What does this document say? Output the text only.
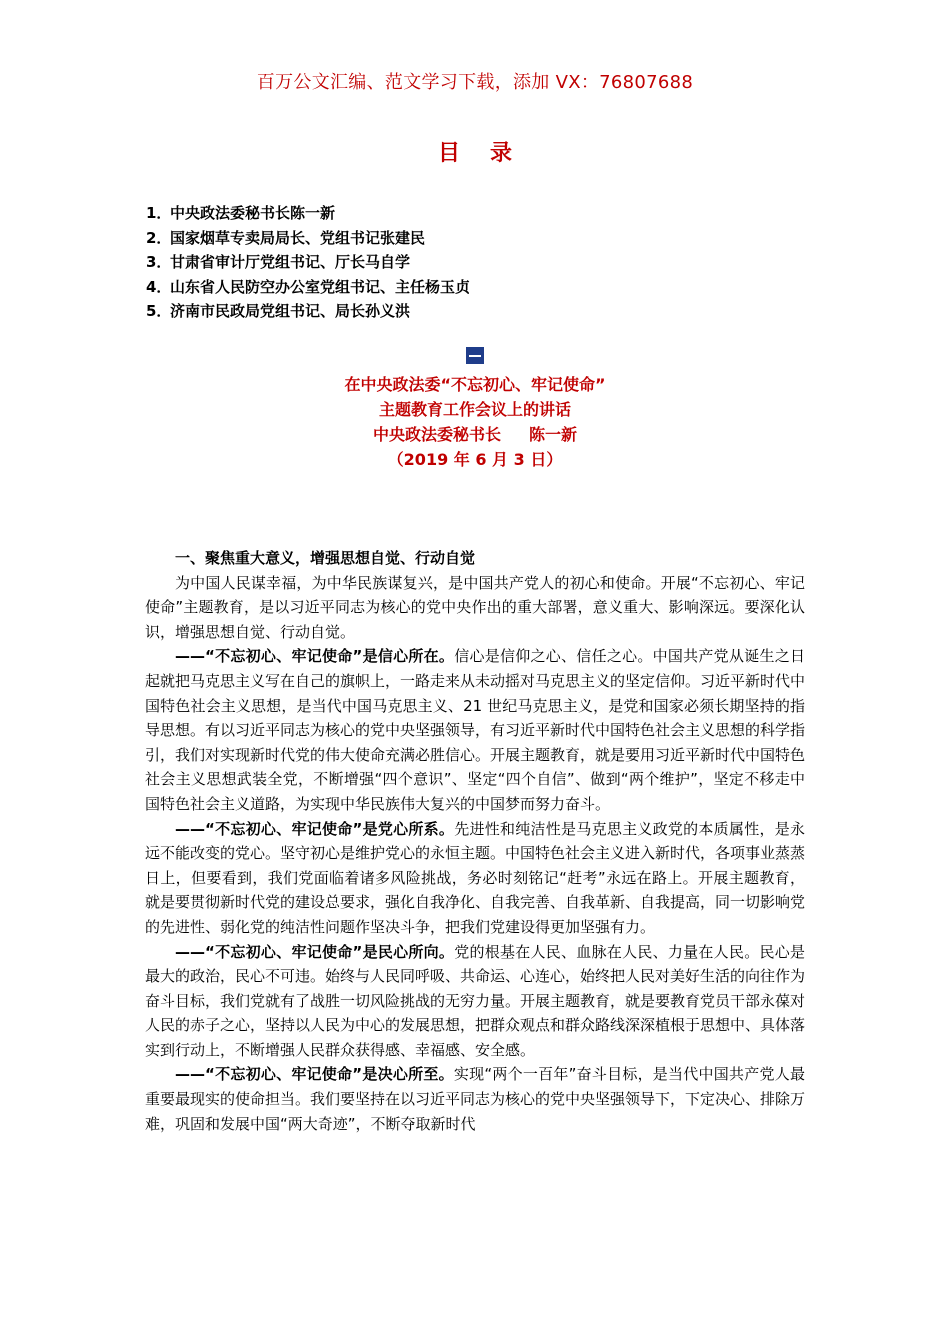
百万公文汇编、范文学习下载，添加 VX：76807688
目录
1．中央政法委秘书长陈一新
2．国家烟草专卖局局长、党组书记张建民
3．甘肃省审计厅党组书记、厅长马自学
4．山东省人民防空办公室党组书记、主任杨玉贞
5．济南市民政局党组书记、局长孙义洪
在中央政法委“不忘初心、牢记使命”
主题教育工作会议上的讲话
中央政法委秘书长 陈一新
（2019 年 6 月 3 日）

一、聚焦重大意义，增强思想自觉、行动自觉

为中国人民谋幸福，为中华民族谋复兴，是中国共产党人的初心和使命。开展“不忘初心、牢记使命”主题教育，是以习近平同志为核心的党中央作出的重大部署，意义重大、影响深远。要深化认识，增强思想自觉、行动自觉。

——“不忘初心、牢记使命”是信心所在。信心是信仰之心、信任之心。中国共产党从诞生之日起就把马克思主义写在自己的旗帜上，一路走来从未动摇对马克思主义的坚定信仰。习近平新时代中国特色社会主义思想，是当代中国马克思主义、21 世纪马克思主义，是党和国家必须长期坚持的指导思想。有以习近平同志为核心的党中央坚强领导，有习近平新时代中国特色社会主义思想的科学指引，我们对实现新时代党的伟大使命充满必胜信心。开展主题教育，就是要用习近平新时代中国特色社会主义思想武装全党，不断增强“四个意识”、坚定“四个自信”、做到“两个维护”，坚定不移走中国特色社会主义道路，为实现中华民族伟大复兴的中国梦而努力奋斗。

——“不忘初心、牢记使命”是党心所系。先进性和纯洁性是马克思主义政党的本质属性，是永远不能改变的党心。坚守初心是维护党心的永恒主题。中国特色社会主义进入新时代，各项事业蒸蒸日上，但要看到，我们党面临着诸多风险挑战，务必时刻铭记“赶考”永远在路上。开展主题教育，就是要贯彻新时代党的建设总要求，强化自我净化、自我完善、自我革新、自我提高，同一切影响党的先进性、弱化党的纯洁性问题作坚决斗争，把我们党建设得更加坚强有力。

——“不忘初心、牢记使命”是民心所向。党的根基在人民、血脉在人民、力量在人民。民心是最大的政治，民心不可违。始终与人民同呼吸、共命运、心连心，始终把人民对美好生活的向往作为奋斗目标，我们党就有了战胜一切风险挑战的无穷力量。开展主题教育，就是要教育党员干部永葆对人民的赤子之心，坚持以人民为中心的发展思想，把群众观点和群众路线深深植根于思想中、具体落实到行动上，不断增强人民群众获得感、幸福感、安全感。

——“不忘初心、牢记使命”是决心所至。实现“两个一百年”奋斗目标，是当代中国共产党人最重要最现实的使命担当。我们要坚持在以习近平同志为核心的党中央坚强领导下，下定决心、排除万难，巩固和发展中国“两大奇迹”，不断夺取新时代
